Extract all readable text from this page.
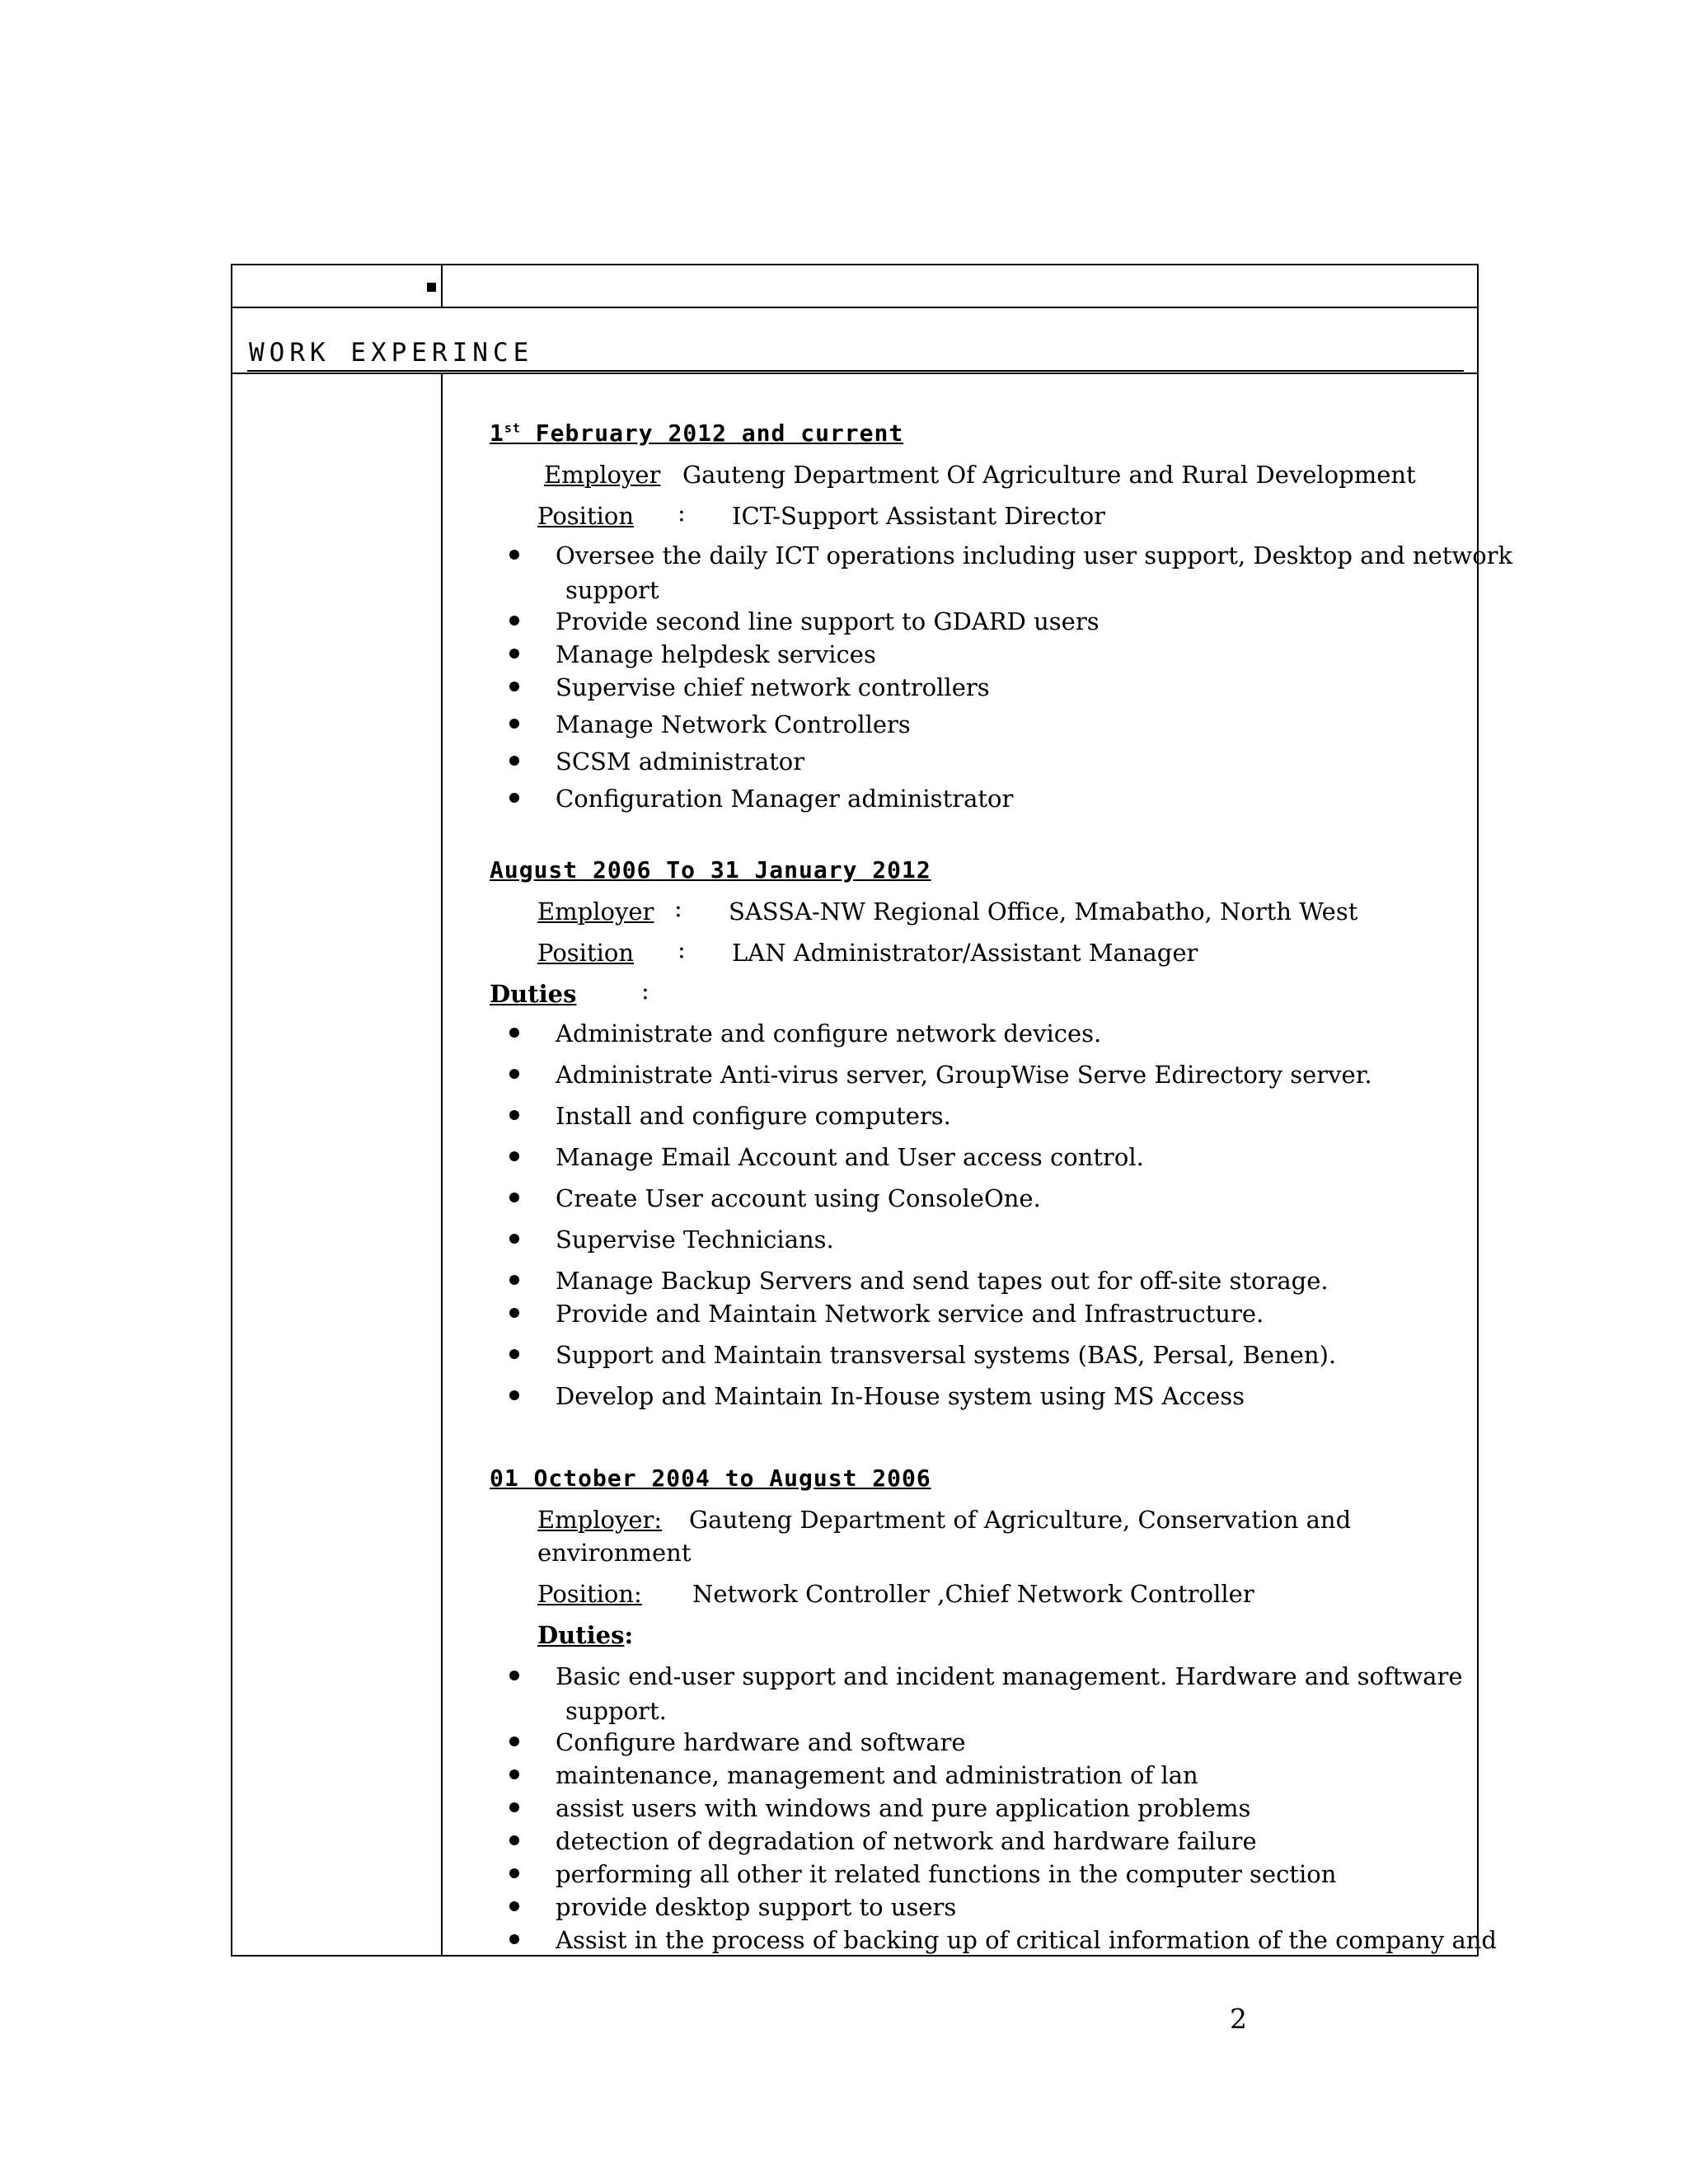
WORK EXPERINCE
1st February 2012 and current
Employer Gauteng Department Of Agriculture and Rural Development
Position : ICT-Support Assistant Director
Oversee the daily ICT operations including user support, Desktop and network
support
Provide second line support to GDARD users
Manage helpdesk services
Supervise chief network controllers
Manage Network Controllers
SCSM administrator
Configuration Manager administrator
August 2006 To 31 January 2012
Employer : SASSA-NW Regional Office, Mmabatho, North West
Position : LAN Administrator/Assistant Manager
Duties	:
Administrate and configure network devices.
Administrate Anti-virus server, GroupWise Serve Edirectory server.
Install and configure computers.
Manage Email Account and User access control.
Create User account using ConsoleOne.
Supervise Technicians.
Manage Backup Servers and send tapes out for off-site storage.
Provide and Maintain Network service and Infrastructure.
Support and Maintain transversal systems (BAS, Persal, Benen).
Develop and Maintain In-House system using MS Access
01 October 2004 to August 2006
Employer: Gauteng Department of Agriculture, Conservation and
environment
Position: Network Controller ,Chief Network Controller
Duties:
Basic end-user support and incident management. Hardware and software
support.
Configure hardware and software
maintenance, management and administration of lan
assist users with windows and pure application problems
detection of degradation of network and hardware failure
performing all other it related functions in the computer section
provide desktop support to users
Assist in the process of backing up of critical information of the company and
2
